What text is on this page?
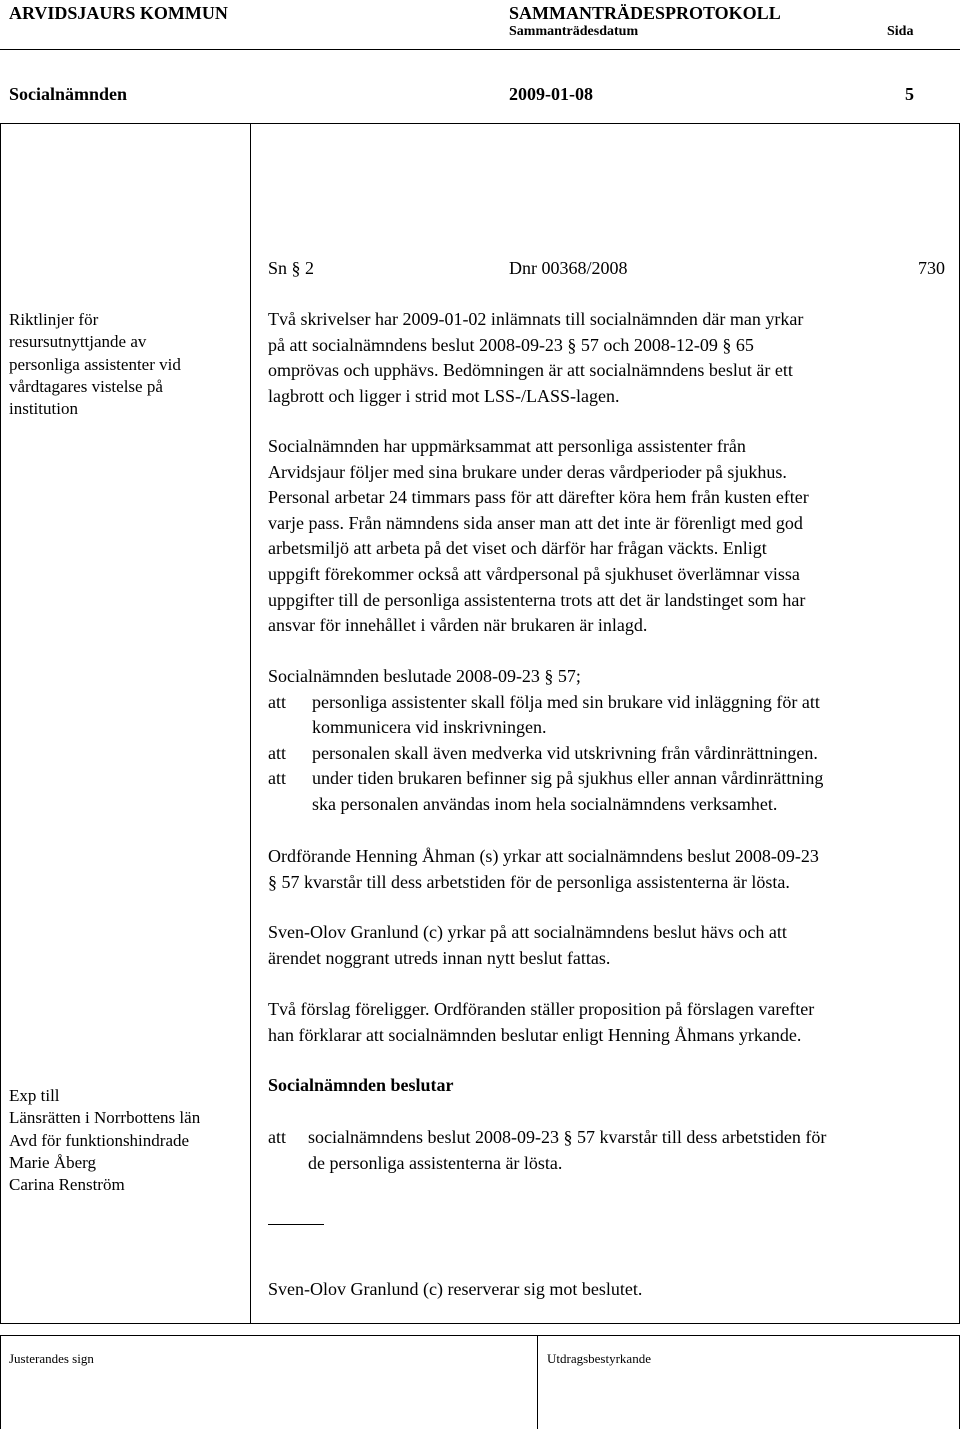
ARVIDSJAURS KOMMUN	SAMMANTRÄDESPROTOKOLL
Sammanträdesdatum	Sida
Socialnämnden	2009-01-08	5
Sn § 2	Dnr 00368/2008	730
Riktlinjer för
resursutnyttjande av
personliga assistenter vid
vårdtagares vistelse på
institution
Två skrivelser har 2009-01-02 inlämnats till socialnämnden där man yrkar
på att socialnämndens beslut 2008-09-23 § 57 och 2008-12-09 § 65
omprövas och upphävs. Bedömningen är att socialnämndens beslut är ett
lagbrott och ligger i strid mot LSS-/LASS-lagen.
Socialnämnden har uppmärksammat att personliga assistenter från
Arvidsjaur följer med sina brukare under deras vårdperioder på sjukhus.
Personal arbetar 24 timmars pass för att därefter köra hem från kusten efter
varje pass. Från nämndens sida anser man att det inte är förenligt med god
arbetsmiljö att arbeta på det viset och därför har frågan väckts. Enligt
uppgift förekommer också att vårdpersonal på sjukhuset överlämnar vissa
uppgifter till de personliga assistenterna trots att det är landstinget som har
ansvar för innehållet i vården när brukaren är inlagd.
Socialnämnden beslutade 2008-09-23 § 57;
att	personliga assistenter skall följa med sin brukare vid inläggning för att
kommunicera vid inskrivningen.
att	personalen skall även medverka vid utskrivning från vårdinrättningen.
att	under tiden brukaren befinner sig på sjukhus eller annan vårdinrättning
ska personalen användas inom hela socialnämndens verksamhet.
Ordförande Henning Åhman (s) yrkar att socialnämndens beslut 2008-09-23
§ 57 kvarstår till dess arbetstiden för de personliga assistenterna är lösta.
Sven-Olov Granlund (c) yrkar på att socialnämndens beslut hävs och att
ärendet noggrant utreds innan nytt beslut fattas.
Två förslag föreligger. Ordföranden ställer proposition på förslagen varefter
han förklarar att socialnämnden beslutar enligt Henning Åhmans yrkande.
Socialnämnden beslutar
att	socialnämndens beslut 2008-09-23 § 57 kvarstår till dess arbetstiden för
de personliga assistenterna är lösta.
Sven-Olov Granlund (c) reserverar sig mot beslutet.
Exp till
Länsrätten i Norrbottens län
Avd för funktionshindrade
Marie Åberg
Carina Renström
Justerandes sign	Utdragsbestyrkande
